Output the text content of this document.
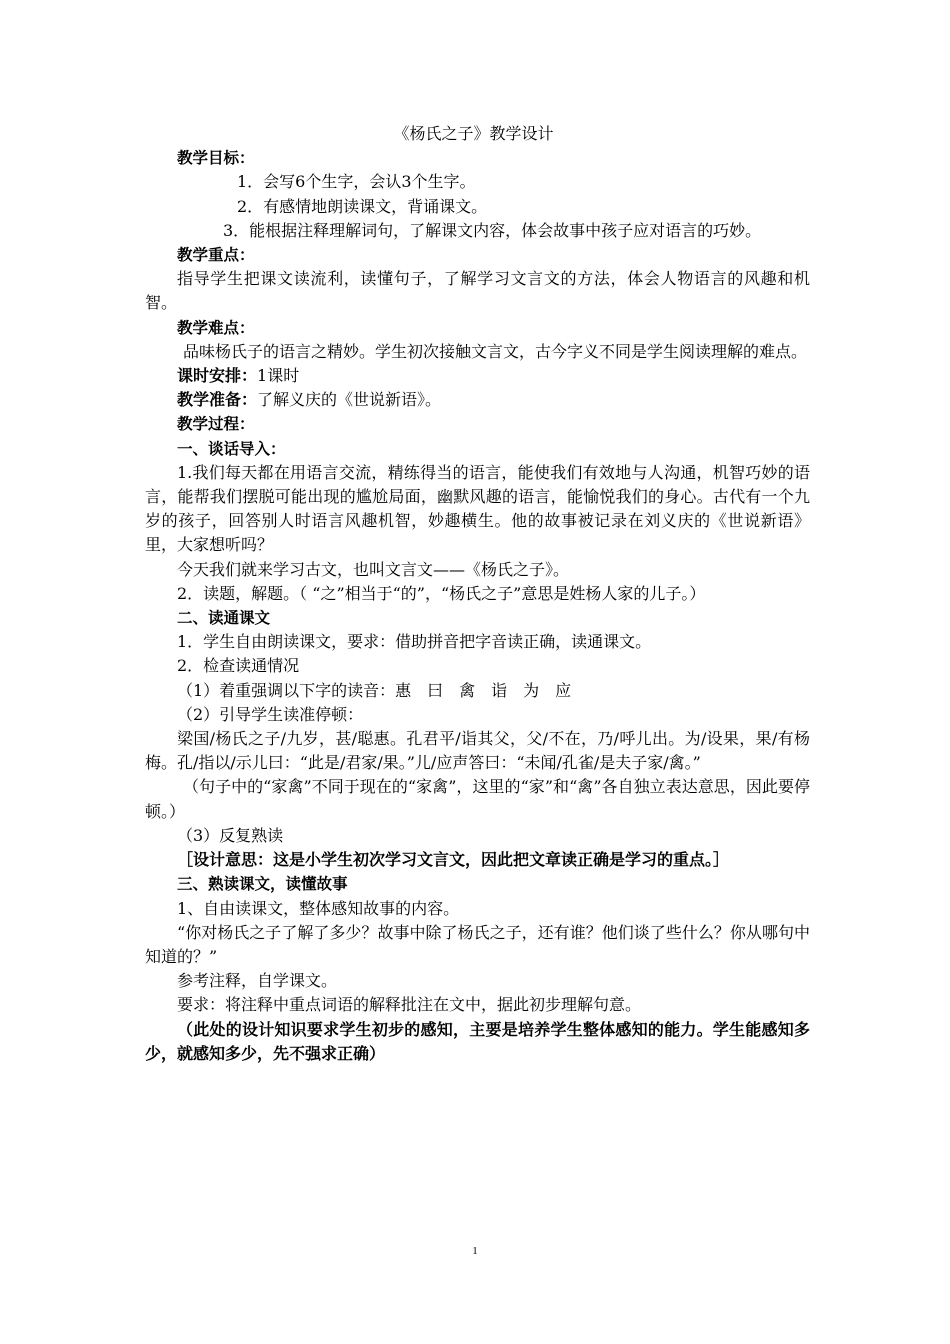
《杨氏之子》教学设计

教学目标：

1．会写6个生字，会认3个生字。

2．有感情地朗读课文，背诵课文。

3．能根据注释理解词句，了解课文内容，体会故事中孩子应对语言的巧妙。

教学重点：

指导学生把课文读流利，读懂句子，了解学习文言文的方法，体会人物语言的风趣和机智。

教学难点：

品味杨氏子的语言之精妙。学生初次接触文言文，古今字义不同是学生阅读理解的难点。

课时安排：1课时

教学准备：了解义庆的《世说新语》。

教学过程：

一、谈话导入：

1.我们每天都在用语言交流，精练得当的语言，能使我们有效地与人沟通，机智巧妙的语言，能帮我们摆脱可能出现的尴尬局面，幽默风趣的语言，能愉悦我们的身心。古代有一个九岁的孩子，回答别人时语言风趣机智，妙趣横生。他的故事被记录在刘义庆的《世说新语》里，大家想听吗？

今天我们就来学习古文，也叫文言文——《杨氏之子》。

2．读题，解题。（ “之”相当于“的”，“杨氏之子”意思是姓杨人家的儿子。）

二、读通课文

1．学生自由朗读课文，要求：借助拼音把字音读正确，读通课文。

2．检查读通情况

（1）着重强调以下字的读音：惠　曰　禽　诣　为　应

（2）引导学生读准停顿：

梁国/杨氏之子/九岁，甚/聪惠。孔君平/诣其父，父/不在，乃/呼儿出。为/设果，果/有杨梅。孔/指以/示儿曰：“此是/君家/果。”儿/应声答曰：“未闻/孔雀/是夫子家/禽。”

（句子中的“家禽”不同于现在的“家禽”，这里的“家”和“禽”各自独立表达意思，因此要停顿。）

（3）反复熟读

［设计意思：这是小学生初次学习文言文，因此把文章读正确是学习的重点。］

三、熟读课文，读懂故事

1、自由读课文，整体感知故事的内容。

“你对杨氏之子了解了多少？故事中除了杨氏之子，还有谁？他们谈了些什么？你从哪句中知道的？”

参考注释，自学课文。

要求：将注释中重点词语的解释批注在文中，据此初步理解句意。

（此处的设计知识要求学生初步的感知，主要是培养学生整体感知的能力。学生能感知多少，就感知多少，先不强求正确）

1
